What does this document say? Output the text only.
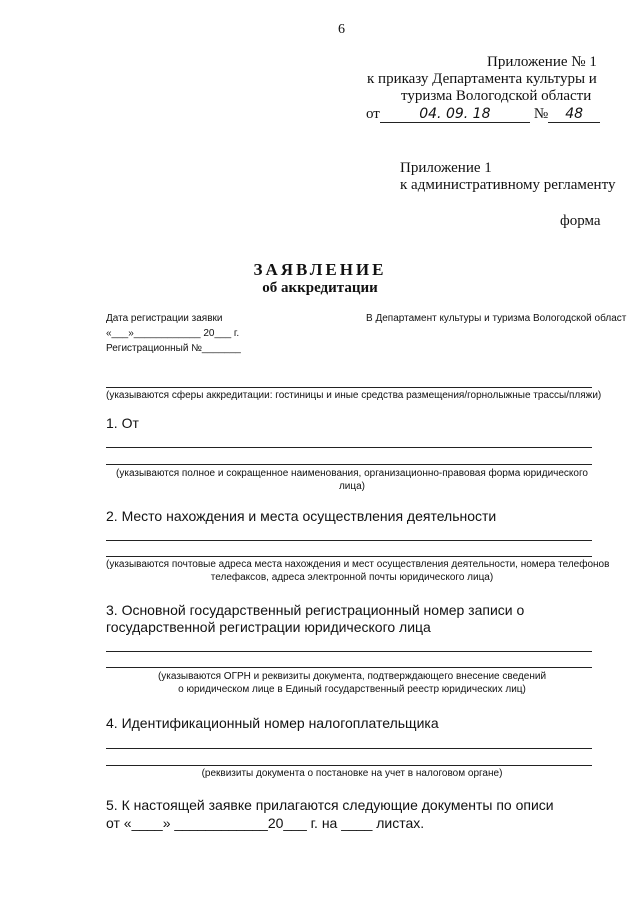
6
Приложение № 1
к приказу Департамента культуры и
туризма Вологодской области
от	04. 09. 18	№ 48
Приложение 1
к административному регламенту
форма
ЗАЯВЛЕНИЕ
об аккредитации
Дата регистрации заявки
«___»____________ 20___ г.
Регистрационный №_______
В Департамент культуры и туризма Вологодской област
(указываются сферы аккредитации: гостиницы и иные средства размещения/горнолыжные трассы/пляжи)
1. От
(указываются полное и сокращенное наименования, организационно-правовая форма юридического
лица)
2. Место нахождения и места осуществления деятельности
(указываются почтовые адреса места нахождения и мест осуществления деятельности, номера телефонов
телефаксов, адреса электронной почты юридического лица)
3. Основной государственный регистрационный номер записи о
государственной регистрации юридического лица
(указываются ОГРН и реквизиты документа, подтверждающего внесение сведений
о юридическом лице в Единый государственный реестр юридических лиц)
4. Идентификационный номер налогоплательщика
(реквизиты документа о постановке на учет в налоговом органе)
5. К настоящей заявке прилагаются следующие документы по описи
от «____» ____________20___ г. на ____ листах.
